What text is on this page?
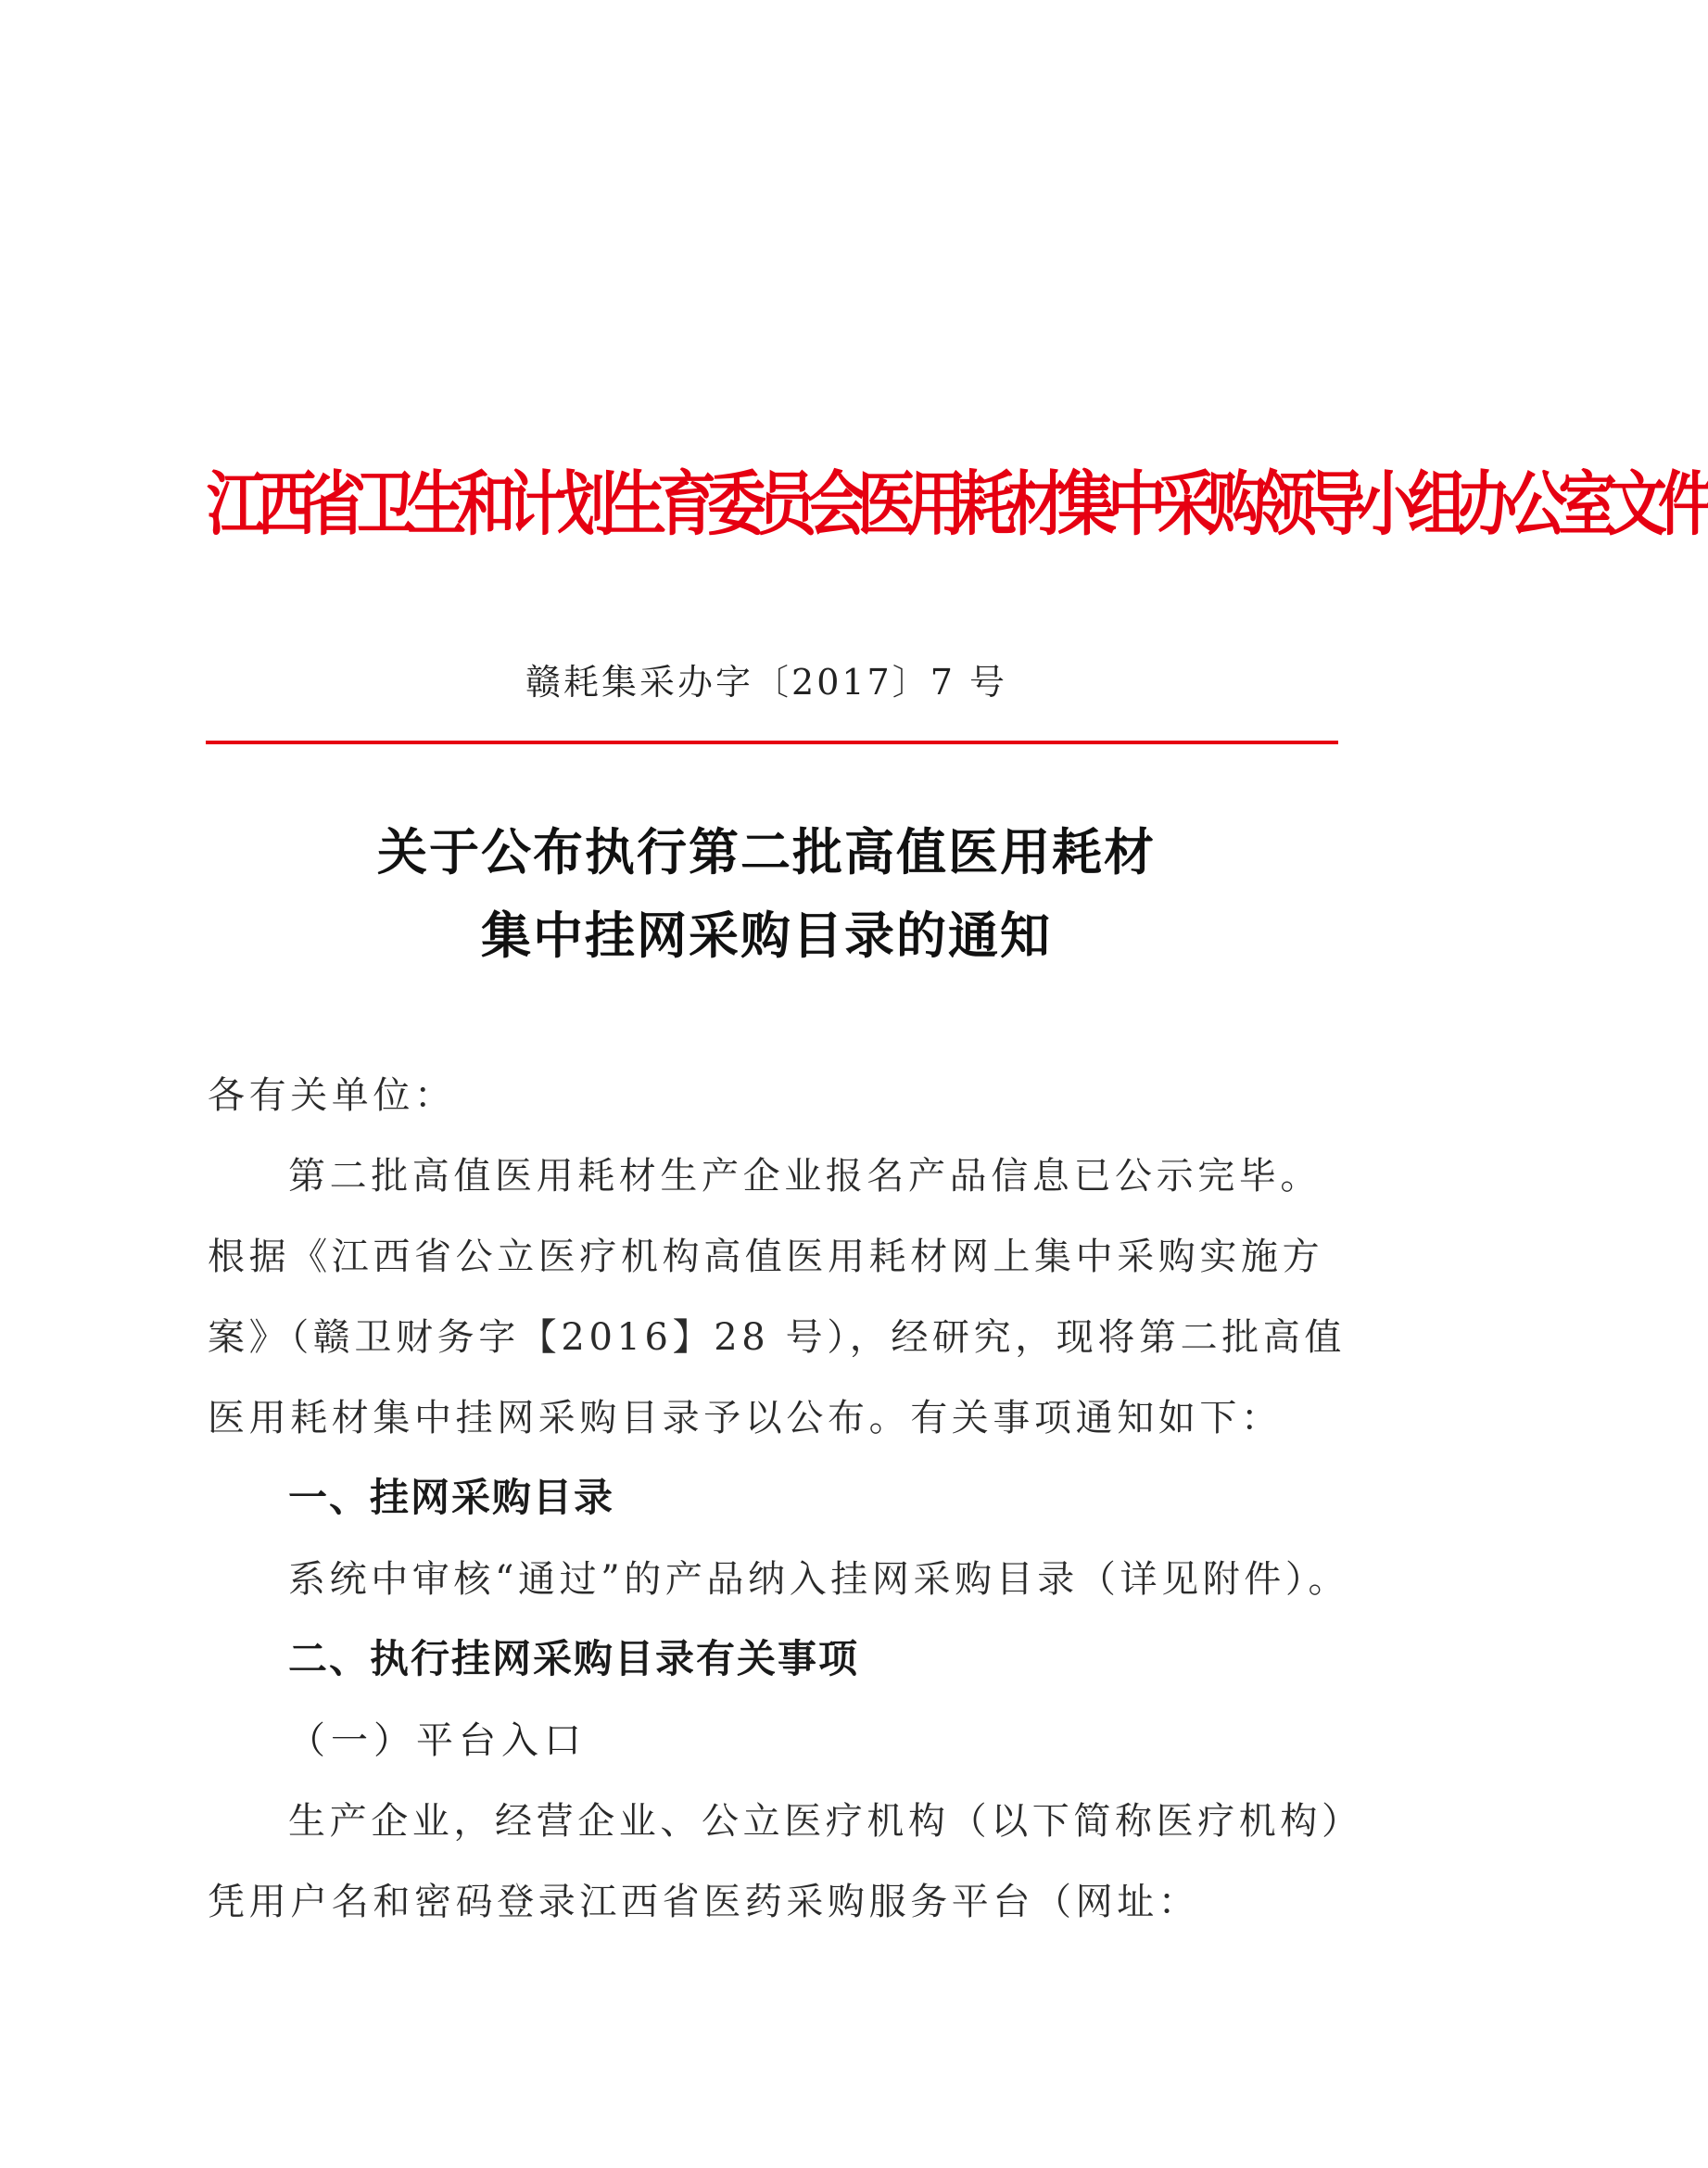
江西省卫生和计划生育委员会医用耗材集中采购领导小组办公室文件
赣耗集采办字〔2017〕7 号
关于公布执行第二批高值医用耗材
集中挂网采购目录的通知
各有关单位：
第二批高值医用耗材生产企业报名产品信息已公示完毕。
根据《江西省公立医疗机构高值医用耗材网上集中采购实施方
案》（赣卫财务字【2016】28 号），经研究，现将第二批高值
医用耗材集中挂网采购目录予以公布。有关事项通知如下：
一、挂网采购目录
系统中审核“通过”的产品纳入挂网采购目录（详见附件）。
二、执行挂网采购目录有关事项
（一）平台入口
生产企业，经营企业、公立医疗机构（以下简称医疗机构）
凭用户名和密码登录江西省医药采购服务平台（网址：
